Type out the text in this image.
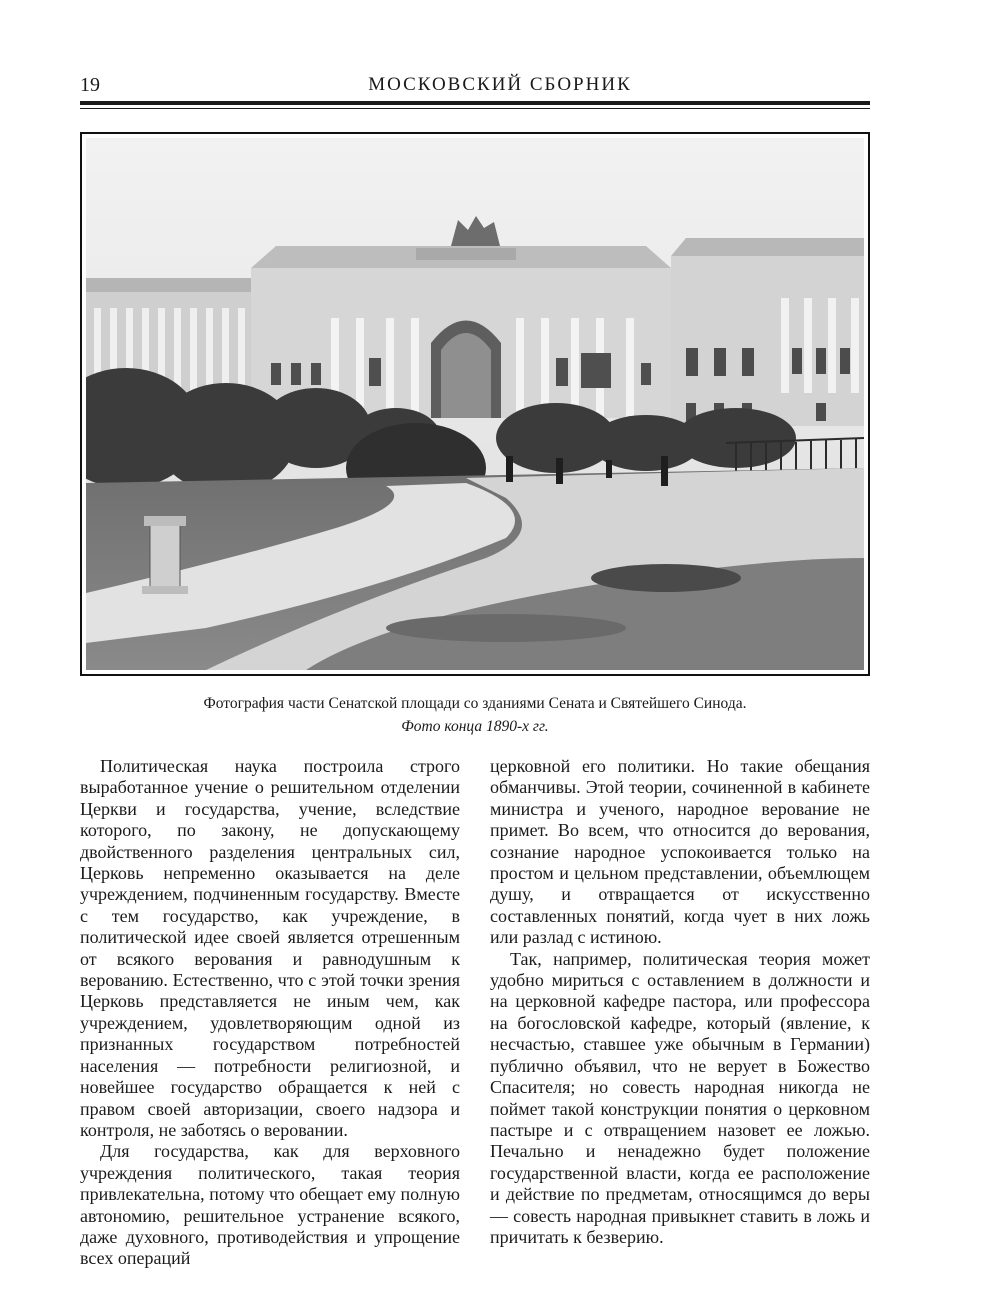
19	МОСКОВСКИЙ СБОРНИК
Фотография части Сенатской площади со зданиями Сената и Святейшего Синода.
Фото конца 1890-х гг.

Политическая наука построила строго выработанное учение о решительном отделении Церкви и государства, учение, вследствие которого, по закону, не допускающему двойственного разделения центральных сил, Церковь непременно оказывается на деле учреждением, подчиненным государству. Вместе с тем государство, как учреждение, в политической идее своей является отрешенным от всякого верования и равнодушным к верованию. Естественно, что с этой точки зрения Церковь представляется не иным чем, как учреждением, удовлетворяющим одной из признанных государством потребностей населения — потребности религиозной, и новейшее государство обращается к ней с правом своей авторизации, своего надзора и контроля, не заботясь о веровании.

Для государства, как для верховного учреждения политического, такая теория привлекательна, потому что обещает ему полную автономию, решительное устранение всякого, даже духовного, противодействия и упрощение всех операций

церковной его политики. Но такие обещания обманчивы. Этой теории, сочиненной в кабинете министра и ученого, народное верование не примет. Во всем, что относится до верования, сознание народное успокоивается только на простом и цельном представлении, объемлющем душу, и отвращается от искусственно составленных понятий, когда чует в них ложь или разлад с истиною.

Так, например, политическая теория может удобно мириться с оставлением в должности и на церковной кафедре пастора, или профессора на богословской кафедре, который (явление, к несчастью, ставшее уже обычным в Германии) публично объявил, что не верует в Божество Спасителя; но совесть народная никогда не поймет такой конструкции понятия о церковном пастыре и с отвращением назовет ее ложью. Печально и ненадежно будет положение государственной власти, когда ее расположение и действие по предметам, относящимся до веры — совесть народная привыкнет ставить в ложь и причитать к безверию.
